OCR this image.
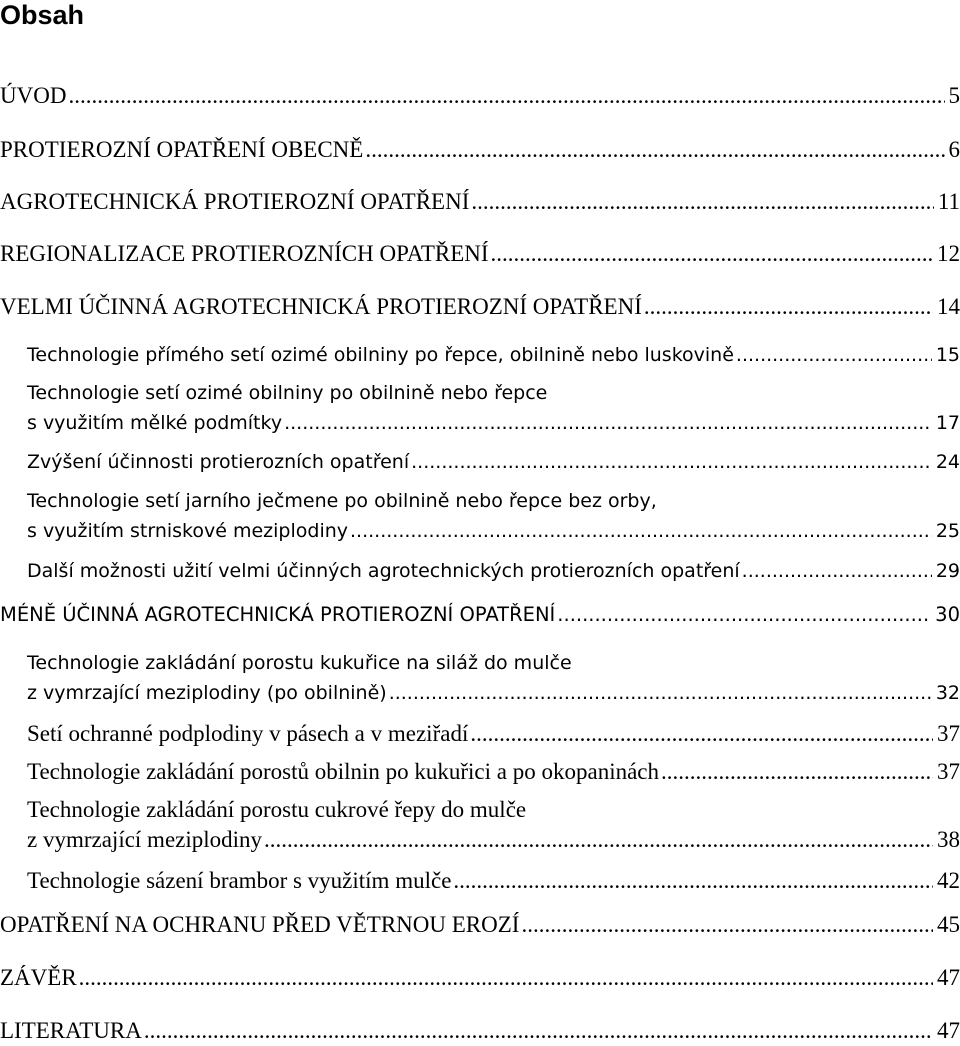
Obsah
ÚVOD .....	5
PROTIEROZNÍ OPATŘENÍ OBECNĚ .....	6
AGROTECHNICKÁ PROTIEROZNÍ OPATŘENÍ .....	11
REGIONALIZACE PROTIEROZNÍCH OPATŘENÍ .....	12
VELMI ÚČINNÁ AGROTECHNICKÁ PROTIEROZNÍ OPATŘENÍ .....	14
Technologie přímého setí ozimé obilniny po řepce, obilnině nebo luskovině .....	15
Technologie setí ozimé obilniny po obilnině nebo řepce
s využitím mělké podmítky .....	17
Zvýšení účinnosti protierozních opatření .....	24
Technologie setí jarního ječmene po obilnině nebo řepce bez orby,
s využitím strniskové meziplodiny .....	25
Další možnosti užití velmi účinných agrotechnických protierozních opatření .....	29
MÉNĚ ÚČINNÁ AGROTECHNICKÁ PROTIEROZNÍ OPATŘENÍ .....	30
Technologie zakládání porostu kukuřice na siláž do mulče
z vymrzající meziplodiny (po obilnině) .....	32
Setí ochranné podplodiny v pásech a v meziřadí .....	37
Technologie zakládání porostů obilnin po kukuřici a po okopaninách .....	37
Technologie zakládání porostu cukrové řepy do mulče
z vymrzající meziplodiny .....	38
Technologie sázení brambor s využitím mulče .....	42
OPATŘENÍ NA OCHRANU PŘED VĚTRNOU EROZÍ .....	45
ZÁVĚR .....	47
LITERATURA .....	47
